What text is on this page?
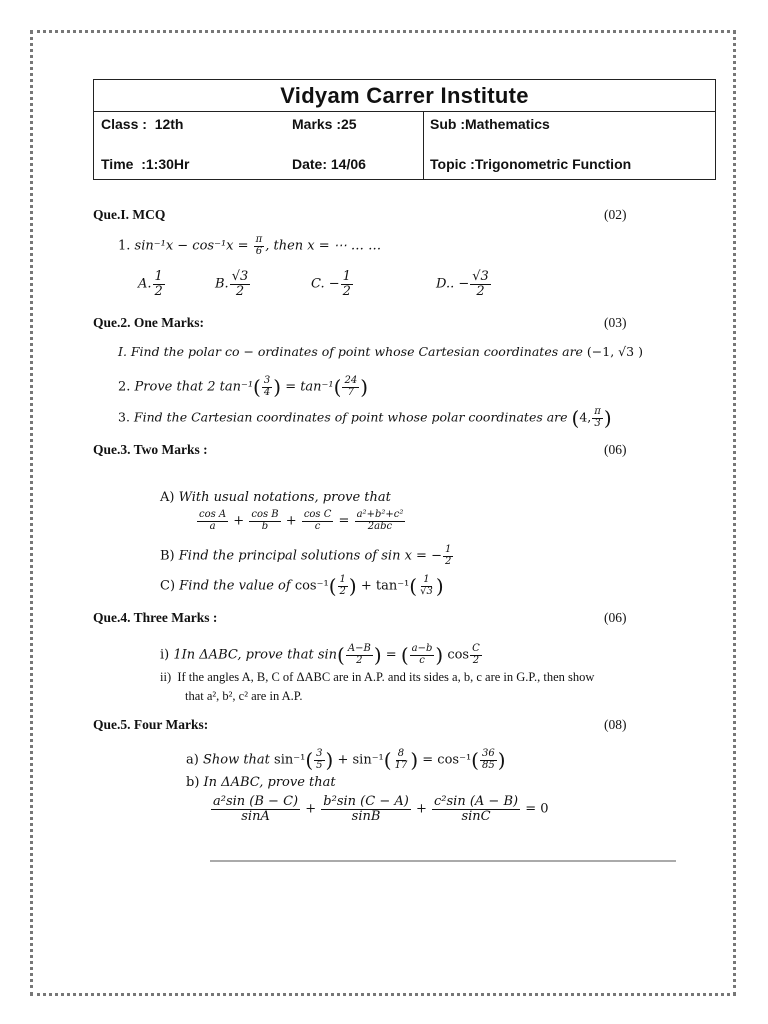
Vidyam Carrer Institute
Class :  12th	Marks :25	Sub :Mathematics
Time  :1:30Hr	Date: 14/06	Topic :Trigonometric Function
Que.I. MCQ	(02)
1. $\sin^{-1}x - \cos^{-1}x = \frac{\pi}{6}$ , then x = ⋯ … …
A. $\frac{1}{2}$	B. $\frac{√3}{2}$	C. − $\frac{1}{2}$	D.. − $\frac{√3}{2}$
Que.2. One Marks:	(03)
I. Find the polar co − ordinates of point whose Cartesian coordinates are (−1, √3 )
2. Prove that 2 $\tan^{-1}( \frac{3}{4}$ ) = $\tan^{-1}( \frac{24}{7}$ )
3. Find the Cartesian coordinates of point whose polar coordinates are (4, $\frac{\pi}{3}$ )
Que.3. Two Marks :	(06)
A) With usual notations, prove that
$\frac{\text{cos A}}{a} + \frac{\text{cos B}}{b} + \frac{\text{cos C}}{c} = \frac{\text{a²+b²+c²}}{\text{2abc}}$
B) Find the principal solutions of sin x = − $\frac{1}{2}$
C) Find the value of $\cos^{-1}( \frac{1}{2}$ ) + $\tan^{-1}( \frac{1}{√3}$ )
Que.4. Three Marks :	(06)
i) 1In ΔABC, prove that $\sin( \frac{A-B}{2}$ ) = ( $\frac{a-b}{c}$ ) $\cos \frac{C}{2}$
ii) If the angles A, B, C of ΔABC are in A.P. and its sides a, b, c are in G.P., then show
that a², b², c² are in A.P.
Que.5. Four Marks:	(08)
a) Show that $\sin^{-1}( \frac{3}{5}$ ) + $\sin^{-1}( \frac{8}{17}$ ) = $\cos^{-1}( \frac{36}{85}$ )
b) In ΔABC, prove that
$\frac{\text{a²sin (B − C)}}{\sin A} + \frac{\text{b²sin (C − A)}}{\sin B} + \frac{\text{c²sin (A − B)}}{\sin C} = 0$
